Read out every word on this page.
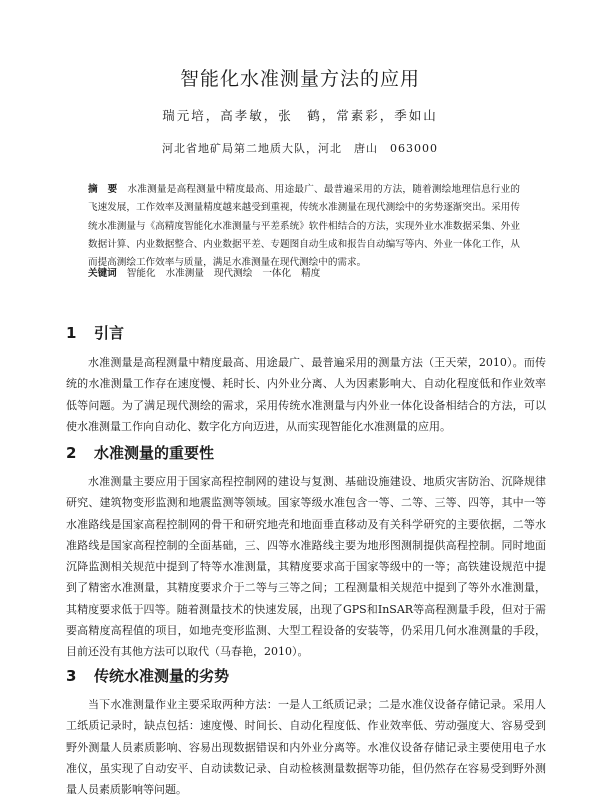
智能化水准测量方法的应用
瑞元培，高孝敏，张　鹤，常素彩，季如山
河北省地矿局第二地质大队，河北　唐山　063000
摘　要 水准测量是高程测量中精度最高、用途最广、最普遍采用的方法，随着测绘地理信息行业的飞速发展，工作效率及测量精度越来越受到重视，传统水准测量在现代测绘中的劣势逐渐突出。采用传统水准测量与《高精度智能化水准测量与平差系统》软件相结合的方法，实现外业水准数据采集、外业数据计算、内业数据整合、内业数据平差、专题图自动生成和报告自动编写等内、外业一体化工作，从而提高测绘工作效率与质量，满足水准测量在现代测绘中的需求。
关键词 智能化 水准测量 现代测绘 一体化 精度
1 引言
水准测量是高程测量中精度最高、用途最广、最普遍采用的测量方法（王天荣，2010）。而传统的水准测量工作存在速度慢、耗时长、内外业分离、人为因素影响大、自动化程度低和作业效率低等问题。为了满足现代测绘的需求，采用传统水准测量与内外业一体化设备相结合的方法，可以使水准测量工作向自动化、数字化方向迈进，从而实现智能化水准测量的应用。
2 水准测量的重要性
水准测量主要应用于国家高程控制网的建设与复测、基础设施建设、地质灾害防治、沉降规律研究、建筑物变形监测和地震监测等领域。国家等级水准包含一等、二等、三等、四等，其中一等水准路线是国家高程控制网的骨干和研究地壳和地面垂直移动及有关科学研究的主要依据，二等水准路线是国家高程控制的全面基础，三、四等水准路线主要为地形图测制提供高程控制。同时地面沉降监测相关规范中提到了特等水准测量，其精度要求高于国家等级中的一等；高铁建设规范中提到了精密水准测量，其精度要求介于二等与三等之间；工程测量相关规范中提到了等外水准测量，其精度要求低于四等。随着测量技术的快速发展，出现了GPS和InSAR等高程测量手段，但对于需要高精度高程值的项目，如地壳变形监测、大型工程设备的安装等，仍采用几何水准测量的手段，目前还没有其他方法可以取代（马春艳，2010）。
3 传统水准测量的劣势
当下水准测量作业主要采取两种方法：一是人工纸质记录；二是水准仪设备存储记录。采用人工纸质记录时，缺点包括：速度慢、时间长、自动化程度低、作业效率低、劳动强度大、容易受到野外测量人员素质影响、容易出现数据错误和内外业分离等。水准仪设备存储记录主要使用电子水准仪，虽实现了自动安平、自动读数记录、自动检核测量数据等功能，但仍然存在容易受到野外测量人员素质影响等问题。
